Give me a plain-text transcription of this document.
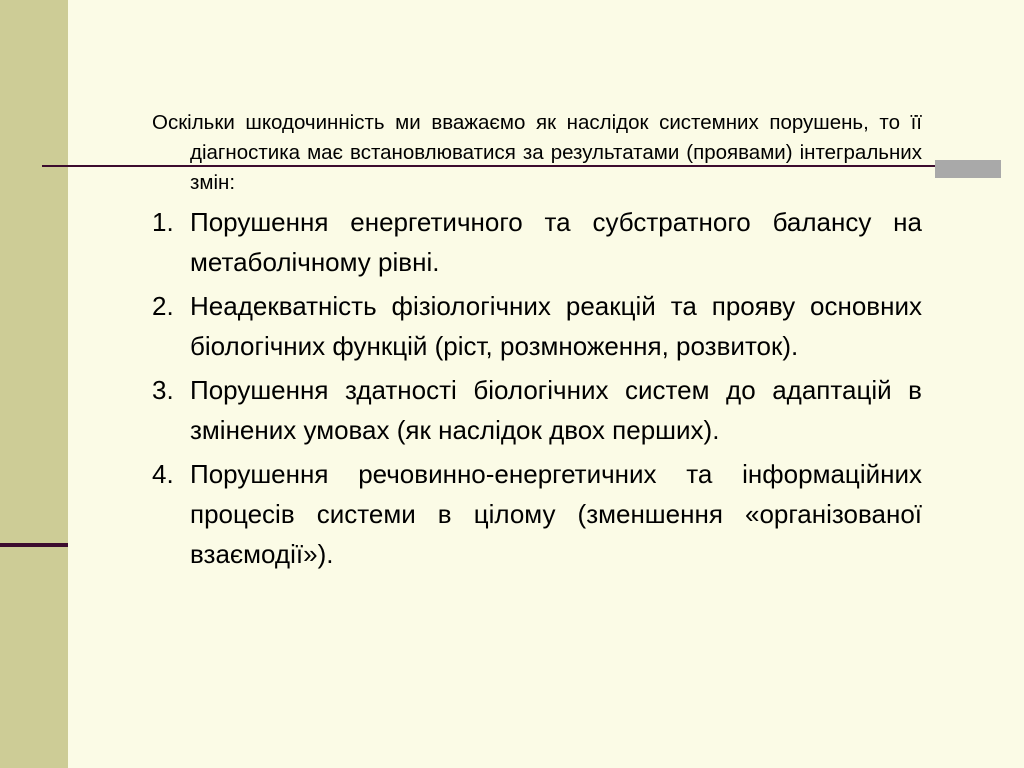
Оскільки шкодочинність ми вважаємо як наслідок системних порушень, то її діагностика має встановлюватися за результатами (проявами) інтегральних змін:

1. Порушення енергетичного та субстратного балансу на метаболічному рівні.
2. Неадекватність фізіологічних реакцій та прояву основних біологічних функцій (ріст, розмноження, розвиток).
3. Порушення здатності біологічних систем до адаптацій в змінених умовах (як наслідок двох перших).
4. Порушення речовинно-енергетичних та інформаційних процесів системи в цілому (зменшення «організованої взаємодії»).
